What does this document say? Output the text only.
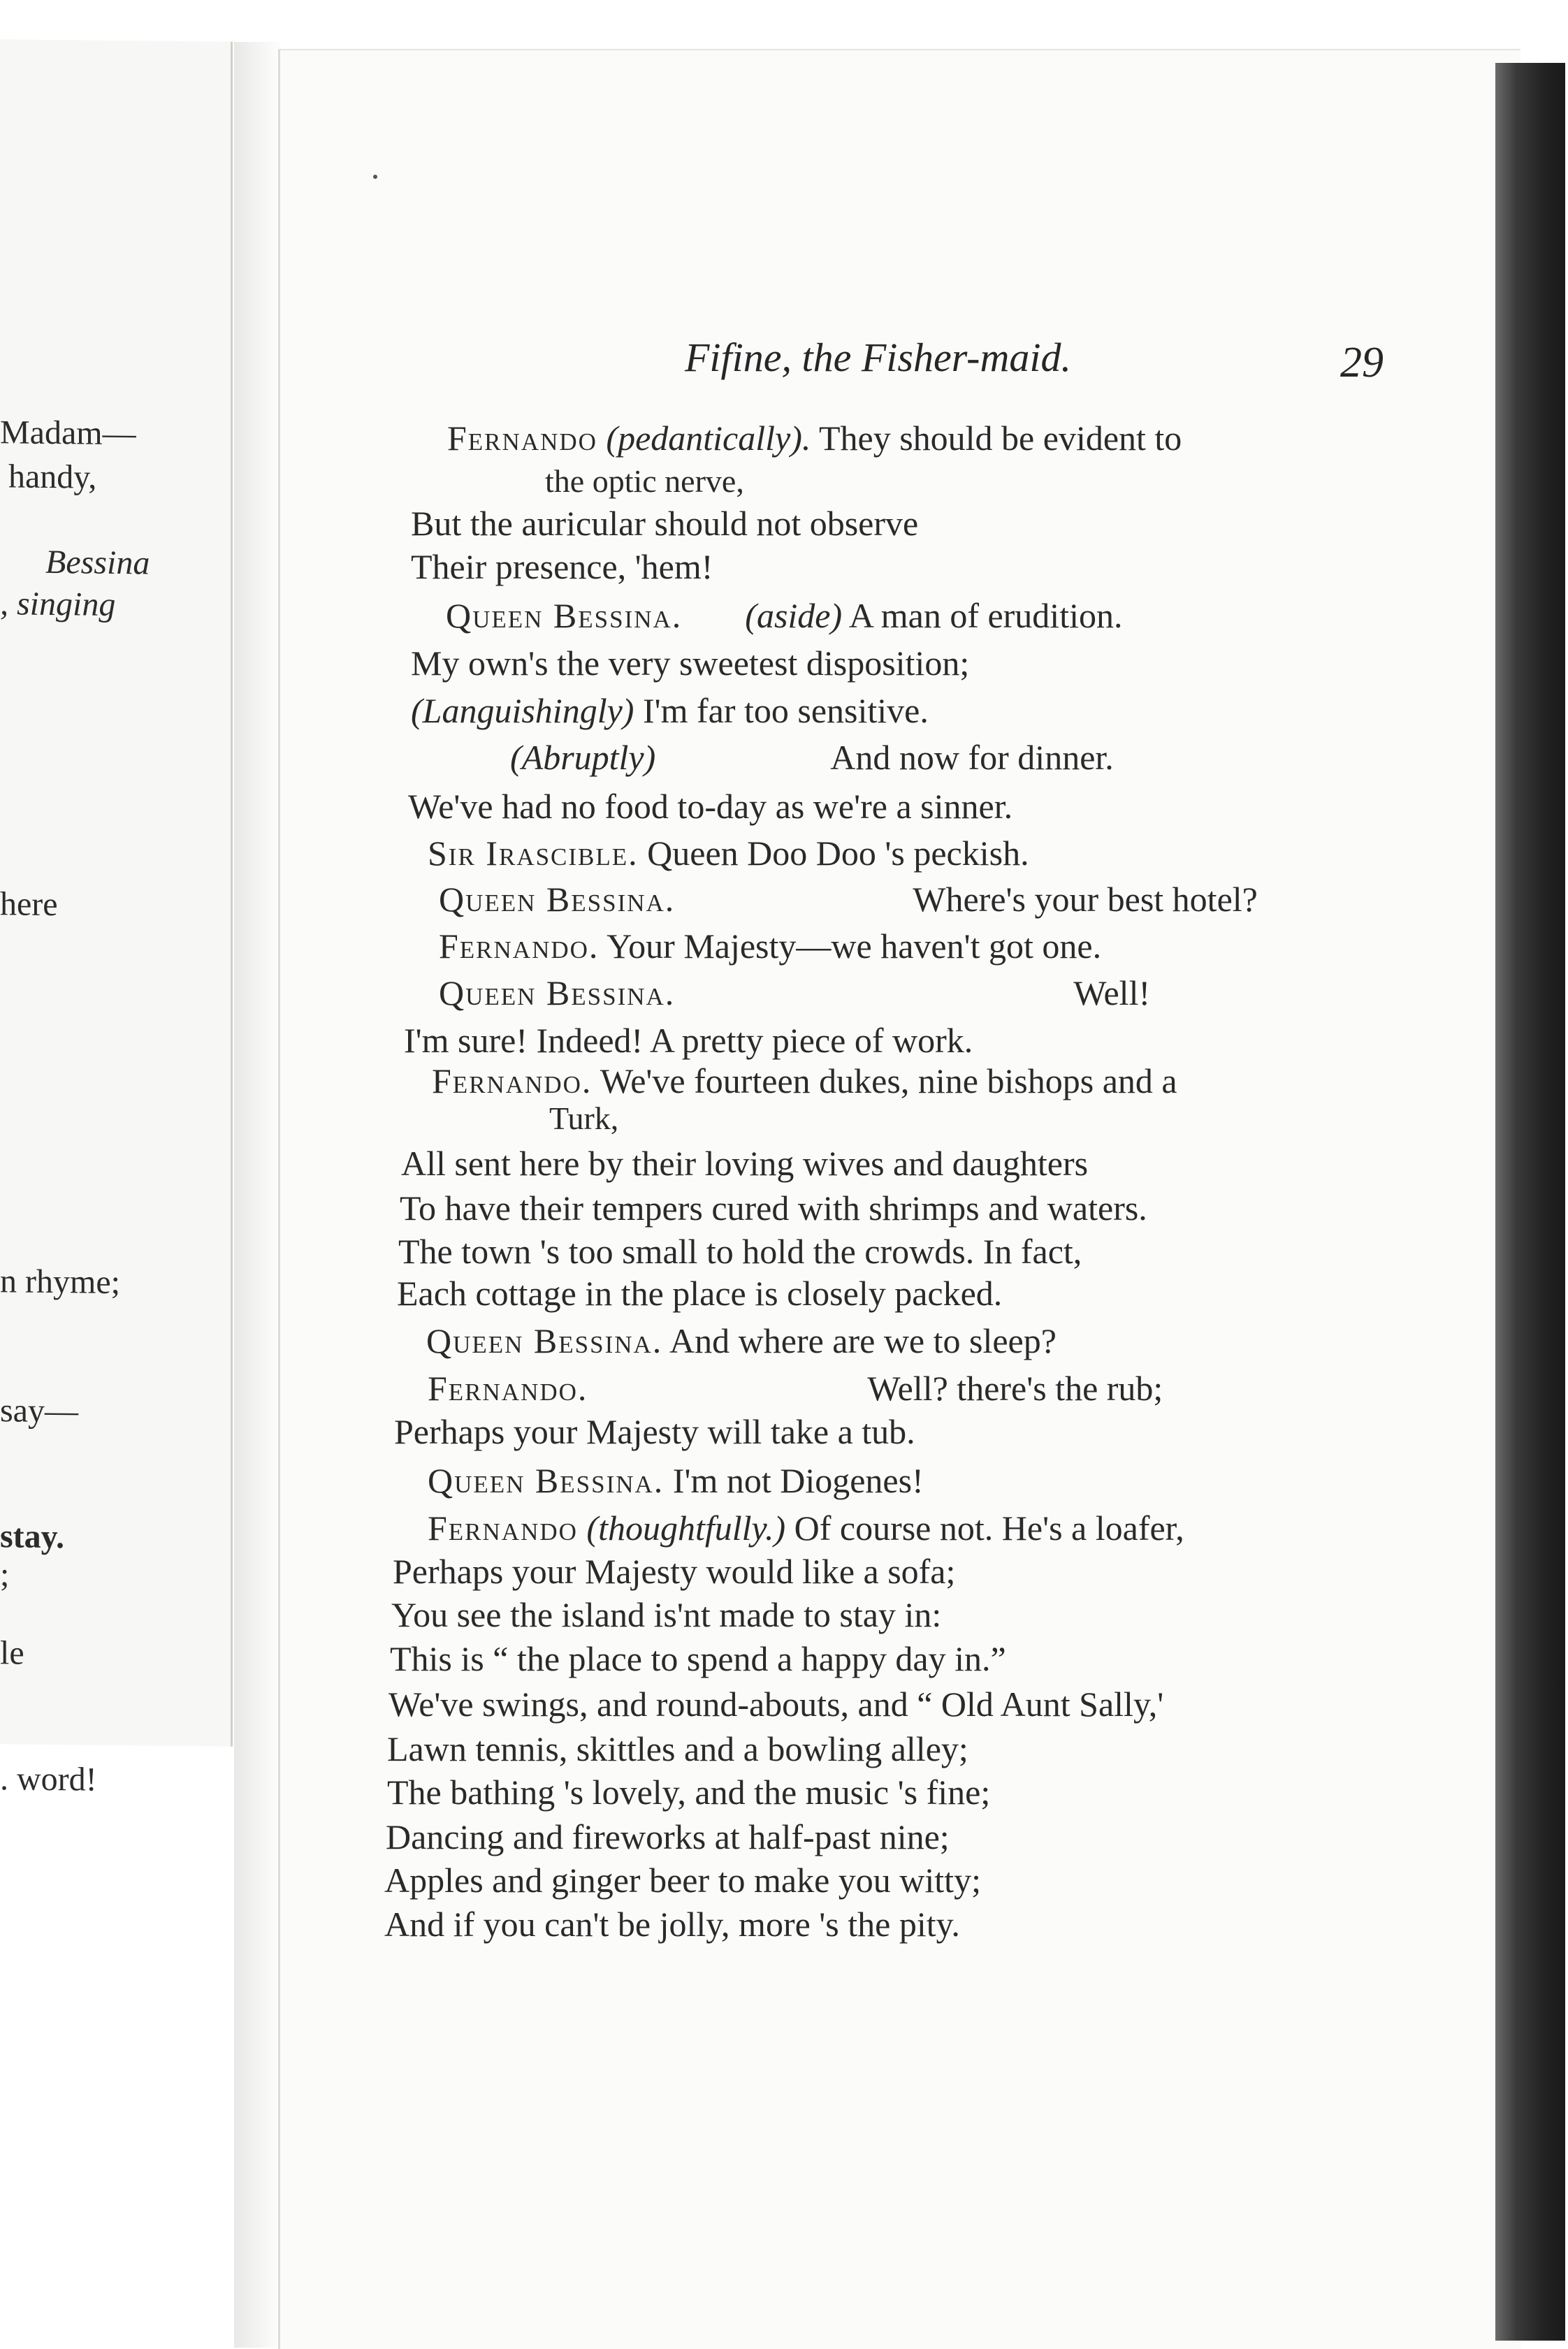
Madam—
handy,
Bessina
, singing
here
n rhyme;
say—
stay.
;
le
. word!
Fifine, the Fisher-maid.	29
Fernando (pedantically). They should be evident to
the optic nerve,
But the auricular should not observe
Their presence, 'hem!
Queen Bessina. (aside) A man of erudition.
My own's the very sweetest disposition;
(Languishingly) I'm far too sensitive.
(Abruptly)	And now for dinner.
We've had no food to-day as we're a sinner.
Sir Irascible. Queen Doo Doo 's peckish.
Queen Bessina.	Where's your best hotel?
Fernando. Your Majesty—we haven't got one.
Queen Bessina.	Well!
I'm sure! Indeed! A pretty piece of work.
Fernando. We've fourteen dukes, nine bishops and a
Turk,
All sent here by their loving wives and daughters
To have their tempers cured with shrimps and waters.
The town 's too small to hold the crowds. In fact,
Each cottage in the place is closely packed.
Queen Bessina. And where are we to sleep?
Fernando.	Well? there's the rub;
Perhaps your Majesty will take a tub.
Queen Bessina. I'm not Diogenes!
Fernando (thoughtfully.) Of course not. He's a loafer,
Perhaps your Majesty would like a sofa;
You see the island is'nt made to stay in:
This is “ the place to spend a happy day in.”
We've swings, and round-abouts, and “ Old Aunt Sally,'
Lawn tennis, skittles and a bowling alley;
The bathing 's lovely, and the music 's fine;
Dancing and fireworks at half-past nine;
Apples and ginger beer to make you witty;
And if you can't be jolly, more 's the pity.
